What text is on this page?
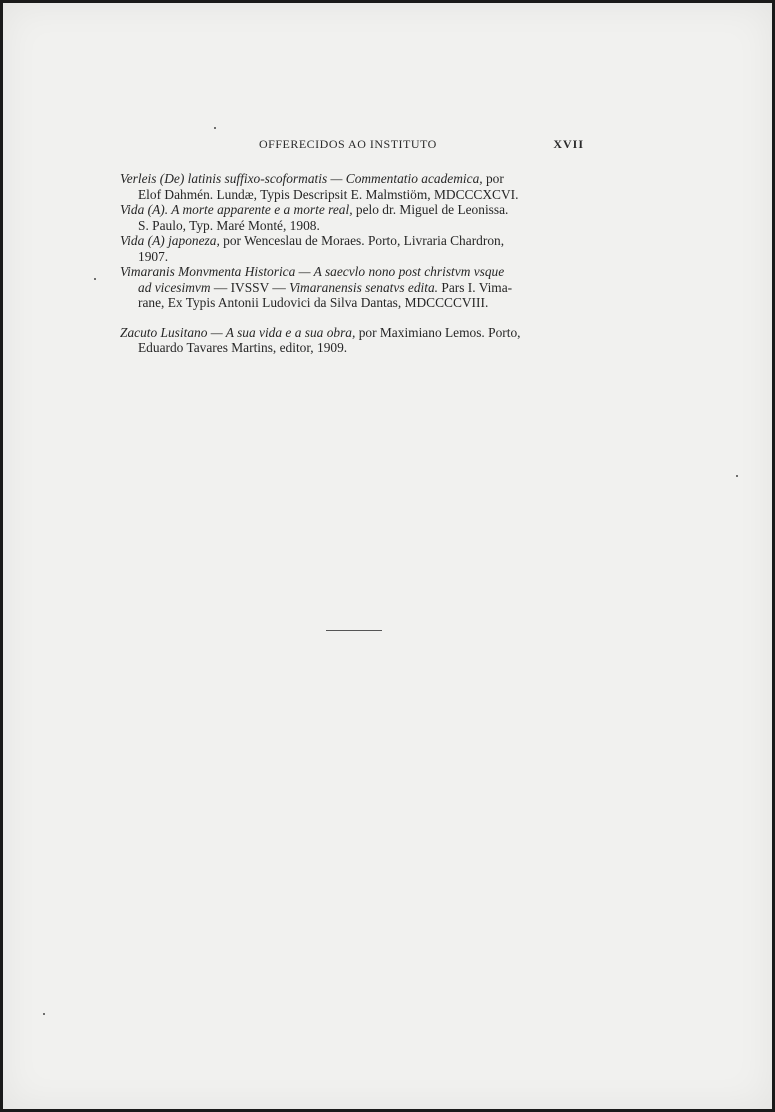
OFFERECIDOS AO INSTITUTO	XVII
Verleis (De) latinis suffixo-scoformatis — Commentatio academica, por
Elof Dahmén. Lundæ, Typis Descripsit E. Malmstiöm, MDCCCXCVI.
Vida (A). A morte apparente e a morte real, pelo dr. Miguel de Leonissa.
S. Paulo, Typ. Maré Monté, 1908.
Vida (A) japoneza, por Wenceslau de Moraes. Porto, Livraria Chardron,
1907.
Vimaranis Monvmenta Historica — A saecvlo nono post christvm vsque
ad vicesimvm — IVSSV — Vimaranensis senatvs edita. Pars I. Vima-
rane, Ex Typis Antonii Ludovici da Silva Dantas, MDCCCCVIII.
Zacuto Lusitano — A sua vida e a sua obra, por Maximiano Lemos. Porto,
Eduardo Tavares Martins, editor, 1909.
